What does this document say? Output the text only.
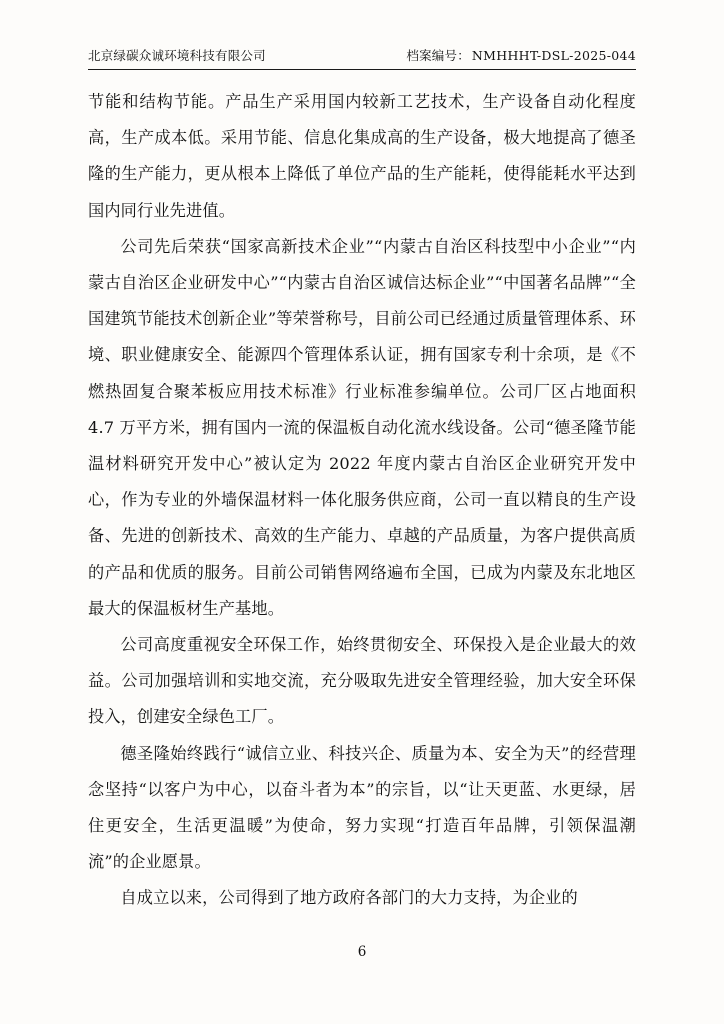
北京绿碳众诚环境科技有限公司	档案编号： NMHHHT-DSL-2025-044

节能和结构节能。产品生产采用国内较新工艺技术，生产设备自动化程度高，生产成本低。采用节能、信息化集成高的生产设备，极大地提高了德圣隆的生产能力，更从根本上降低了单位产品的生产能耗，使得能耗水平达到国内同行业先进值。

公司先后荣获“国家高新技术企业”“内蒙古自治区科技型中小企业”“内蒙古自治区企业研发中心”“内蒙古自治区诚信达标企业”“中国著名品牌”“全国建筑节能技术创新企业”等荣誉称号，目前公司已经通过质量管理体系、环境、职业健康安全、能源四个管理体系认证，拥有国家专利十余项，是《不燃热固复合聚苯板应用技术标准》行业标准参编单位。公司厂区占地面积 4.7 万平方米，拥有国内一流的保温板自动化流水线设备。公司“德圣隆节能温材料研究开发中心”被认定为 2022 年度内蒙古自治区企业研究开发中心，作为专业的外墙保温材料一体化服务供应商，公司一直以精良的生产设备、先进的创新技术、高效的生产能力、卓越的产品质量，为客户提供高质的产品和优质的服务。目前公司销售网络遍布全国，已成为内蒙及东北地区最大的保温板材生产基地。

公司高度重视安全环保工作，始终贯彻安全、环保投入是企业最大的效益。公司加强培训和实地交流，充分吸取先进安全管理经验，加大安全环保投入，创建安全绿色工厂。

德圣隆始终践行“诚信立业、科技兴企、质量为本、安全为天”的经营理念坚持“以客户为中心，以奋斗者为本”的宗旨，以“让天更蓝、水更绿，居住更安全，生活更温暖”为使命，努力实现“打造百年品牌，引领保温潮流”的企业愿景。

自成立以来，公司得到了地方政府各部门的大力支持，为企业的

6
